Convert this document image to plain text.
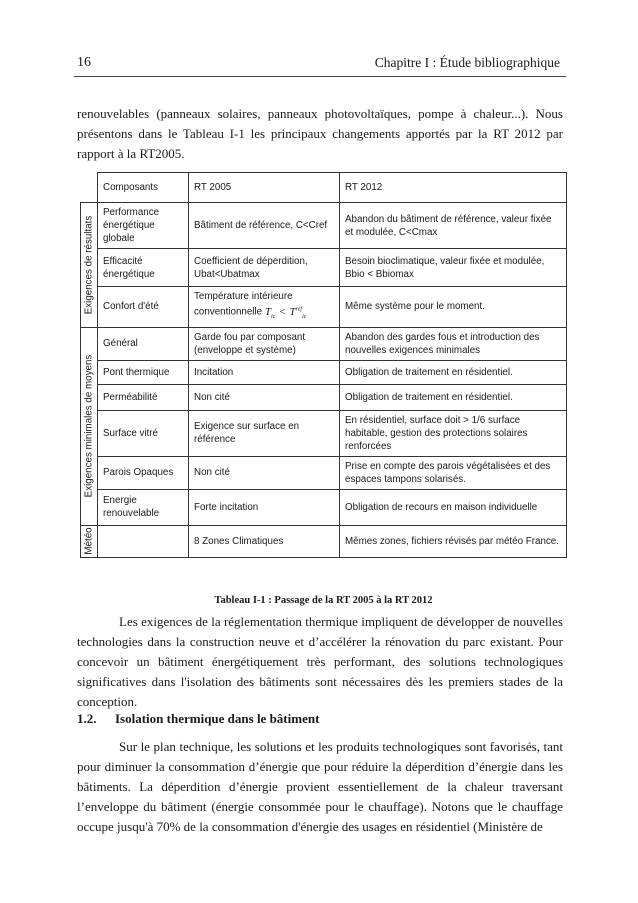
16	Chapitre I : Étude bibliographique
renouvelables (panneaux solaires, panneaux photovoltaïques, pompe à chaleur...). Nous présentons dans le Tableau I-1 les principaux changements apportés par la RT 2012 par rapport à la RT2005.
	Composants	RT 2005	RT 2012

Exigences de résultats	Performance énergétique globale	Bâtiment de référence, C<Cref	Abandon du bâtiment de référence, valeur fixée et modulée, C<Cmax
	Efficacité énergétique	Coefficient de déperdition, Ubat<Ubatmax	Besoin bioclimatique, valeur fixée et modulée, Bbio < Bbiomax
	Confort d'été	Température intérieure conventionnelle $T_{ic} < T^{ref}_{ic}$	Même système pour le moment.

Exigences minimales de moyens	Général	Garde fou par composant (enveloppe et système)	Abandon des gardes fous et introduction des nouvelles exigences minimales
	Pont thermique	Incitation	Obligation de traitement en résidentiel.
	Perméabilité	Non cité	Obligation de traitement en résidentiel.
	Surface vitré	Exigence sur surface en référence	En résidentiel, surface doit > 1/6 surface habitable, gestion des protections solaires renforcées
	Parois Opaques	Non cité	Prise en compte des parois végétalisées et des espaces tampons solarisés.
	Energie renouvelable	Forte incitation	Obligation de recours en maison individuelle

Météo		8 Zones Climatiques	Mêmes zones, fichiers révisés par météo France.
Tableau I-1 : Passage de la RT 2005 à la RT 2012
Les exigences de la réglementation thermique impliquent de développer de nouvelles technologies dans la construction neuve et d’accélérer la rénovation du parc existant. Pour concevoir un bâtiment énergétiquement très performant, des solutions technologiques significatives dans l'isolation des bâtiments sont nécessaires dès les premiers stades de la conception.
1.2. Isolation thermique dans le bâtiment
Sur le plan technique, les solutions et les produits technologiques sont favorisés, tant pour diminuer la consommation d’énergie que pour réduire la déperdition d’énergie dans les bâtiments. La déperdition d’énergie provient essentiellement de la chaleur traversant l’enveloppe du bâtiment (énergie consommée pour le chauffage). Notons que le chauffage occupe jusqu'à 70% de la consommation d'énergie des usages en résidentiel (Ministère de
